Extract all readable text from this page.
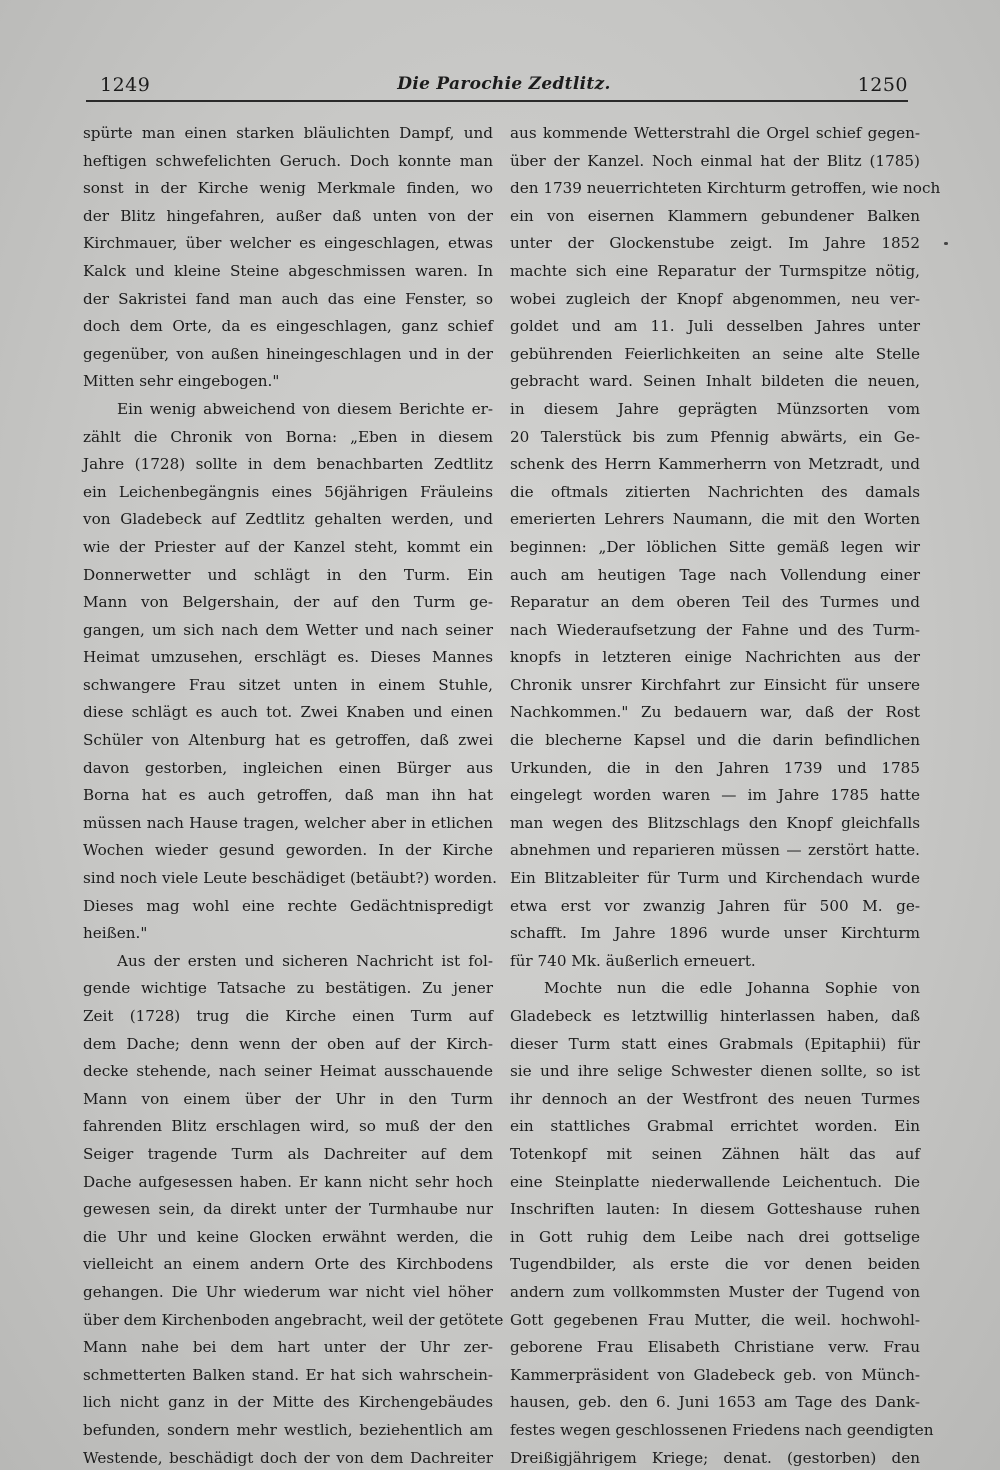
1249	Die Parochie Zedtlitz.	1250
spürte man einen starken bläulichten Dampf, und
heftigen schwefelichten Geruch. Doch konnte man
sonst in der Kirche wenig Merkmale finden, wo
der Blitz hingefahren, außer daß unten von der
Kirchmauer, über welcher es eingeschlagen, etwas
Kalck und kleine Steine abgeschmissen waren. In
der Sakristei fand man auch das eine Fenster, so
doch dem Orte, da es eingeschlagen, ganz schief
gegenüber, von außen hineingeschlagen und in der
Mitten sehr eingebogen."
Ein wenig abweichend von diesem Berichte er-
zählt die Chronik von Borna: „Eben in diesem
Jahre (1728) sollte in dem benachbarten Zedtlitz
ein Leichenbegängnis eines 56jährigen Fräuleins
von Gladebeck auf Zedtlitz gehalten werden, und
wie der Priester auf der Kanzel steht, kommt ein
Donnerwetter und schlägt in den Turm. Ein
Mann von Belgershain, der auf den Turm ge-
gangen, um sich nach dem Wetter und nach seiner
Heimat umzusehen, erschlägt es. Dieses Mannes
schwangere Frau sitzet unten in einem Stuhle,
diese schlägt es auch tot. Zwei Knaben und einen
Schüler von Altenburg hat es getroffen, daß zwei
davon gestorben, ingleichen einen Bürger aus
Borna hat es auch getroffen, daß man ihn hat
müssen nach Hause tragen, welcher aber in etlichen
Wochen wieder gesund geworden. In der Kirche
sind noch viele Leute beschädiget (betäubt?) worden.
Dieses mag wohl eine rechte Gedächtnispredigt
heißen."
Aus der ersten und sicheren Nachricht ist fol-
gende wichtige Tatsache zu bestätigen. Zu jener
Zeit (1728) trug die Kirche einen Turm auf
dem Dache; denn wenn der oben auf der Kirch-
decke stehende, nach seiner Heimat ausschauende
Mann von einem über der Uhr in den Turm
fahrenden Blitz erschlagen wird, so muß der den
Seiger tragende Turm als Dachreiter auf dem
Dache aufgesessen haben. Er kann nicht sehr hoch
gewesen sein, da direkt unter der Turmhaube nur
die Uhr und keine Glocken erwähnt werden, die
vielleicht an einem andern Orte des Kirchbodens
gehangen. Die Uhr wiederum war nicht viel höher
über dem Kirchenboden angebracht, weil der getötete
Mann nahe bei dem hart unter der Uhr zer-
schmetterten Balken stand. Er hat sich wahrschein-
lich nicht ganz in der Mitte des Kirchengebäudes
befunden, sondern mehr westlich, beziehentlich am
Westende, beschädigt doch der von dem Dachreiter
aus kommende Wetterstrahl die Orgel schief gegen-
über der Kanzel. Noch einmal hat der Blitz (1785)
den 1739 neuerrichteten Kirchturm getroffen, wie noch
ein von eisernen Klammern gebundener Balken
unter der Glockenstube zeigt. Im Jahre 1852
machte sich eine Reparatur der Turmspitze nötig,
wobei zugleich der Knopf abgenommen, neu ver-
goldet und am 11. Juli desselben Jahres unter
gebührenden Feierlichkeiten an seine alte Stelle
gebracht ward. Seinen Inhalt bildeten die neuen,
in diesem Jahre geprägten Münzsorten vom
20 Talerstück bis zum Pfennig abwärts, ein Ge-
schenk des Herrn Kammerherrn von Metzradt, und
die oftmals zitierten Nachrichten des damals
emerierten Lehrers Naumann, die mit den Worten
beginnen: „Der löblichen Sitte gemäß legen wir
auch am heutigen Tage nach Vollendung einer
Reparatur an dem oberen Teil des Turmes und
nach Wiederaufsetzung der Fahne und des Turm-
knopfs in letzteren einige Nachrichten aus der
Chronik unsrer Kirchfahrt zur Einsicht für unsere
Nachkommen." Zu bedauern war, daß der Rost
die blecherne Kapsel und die darin befindlichen
Urkunden, die in den Jahren 1739 und 1785
eingelegt worden waren — im Jahre 1785 hatte
man wegen des Blitzschlags den Knopf gleichfalls
abnehmen und reparieren müssen — zerstört hatte.
Ein Blitzableiter für Turm und Kirchendach wurde
etwa erst vor zwanzig Jahren für 500 M. ge-
schafft. Im Jahre 1896 wurde unser Kirchturm
für 740 Mk. äußerlich erneuert.
Mochte nun die edle Johanna Sophie von
Gladebeck es letztwillig hinterlassen haben, daß
dieser Turm statt eines Grabmals (Epitaphii) für
sie und ihre selige Schwester dienen sollte, so ist
ihr dennoch an der Westfront des neuen Turmes
ein stattliches Grabmal errichtet worden. Ein
Totenkopf mit seinen Zähnen hält das auf
eine Steinplatte niederwallende Leichentuch. Die
Inschriften lauten: In diesem Gotteshause ruhen
in Gott ruhig dem Leibe nach drei gottselige
Tugendbilder, als erste die vor denen beiden
andern zum vollkommsten Muster der Tugend von
Gott gegebenen Frau Mutter, die weil. hochwohl-
geborene Frau Elisabeth Christiane verw. Frau
Kammerpräsident von Gladebeck geb. von Münch-
hausen, geb. den 6. Juni 1653 am Tage des Dank-
festes wegen geschlossenen Friedens nach geendigten
Dreißigjährigem Kriege; denat. (gestorben) den
